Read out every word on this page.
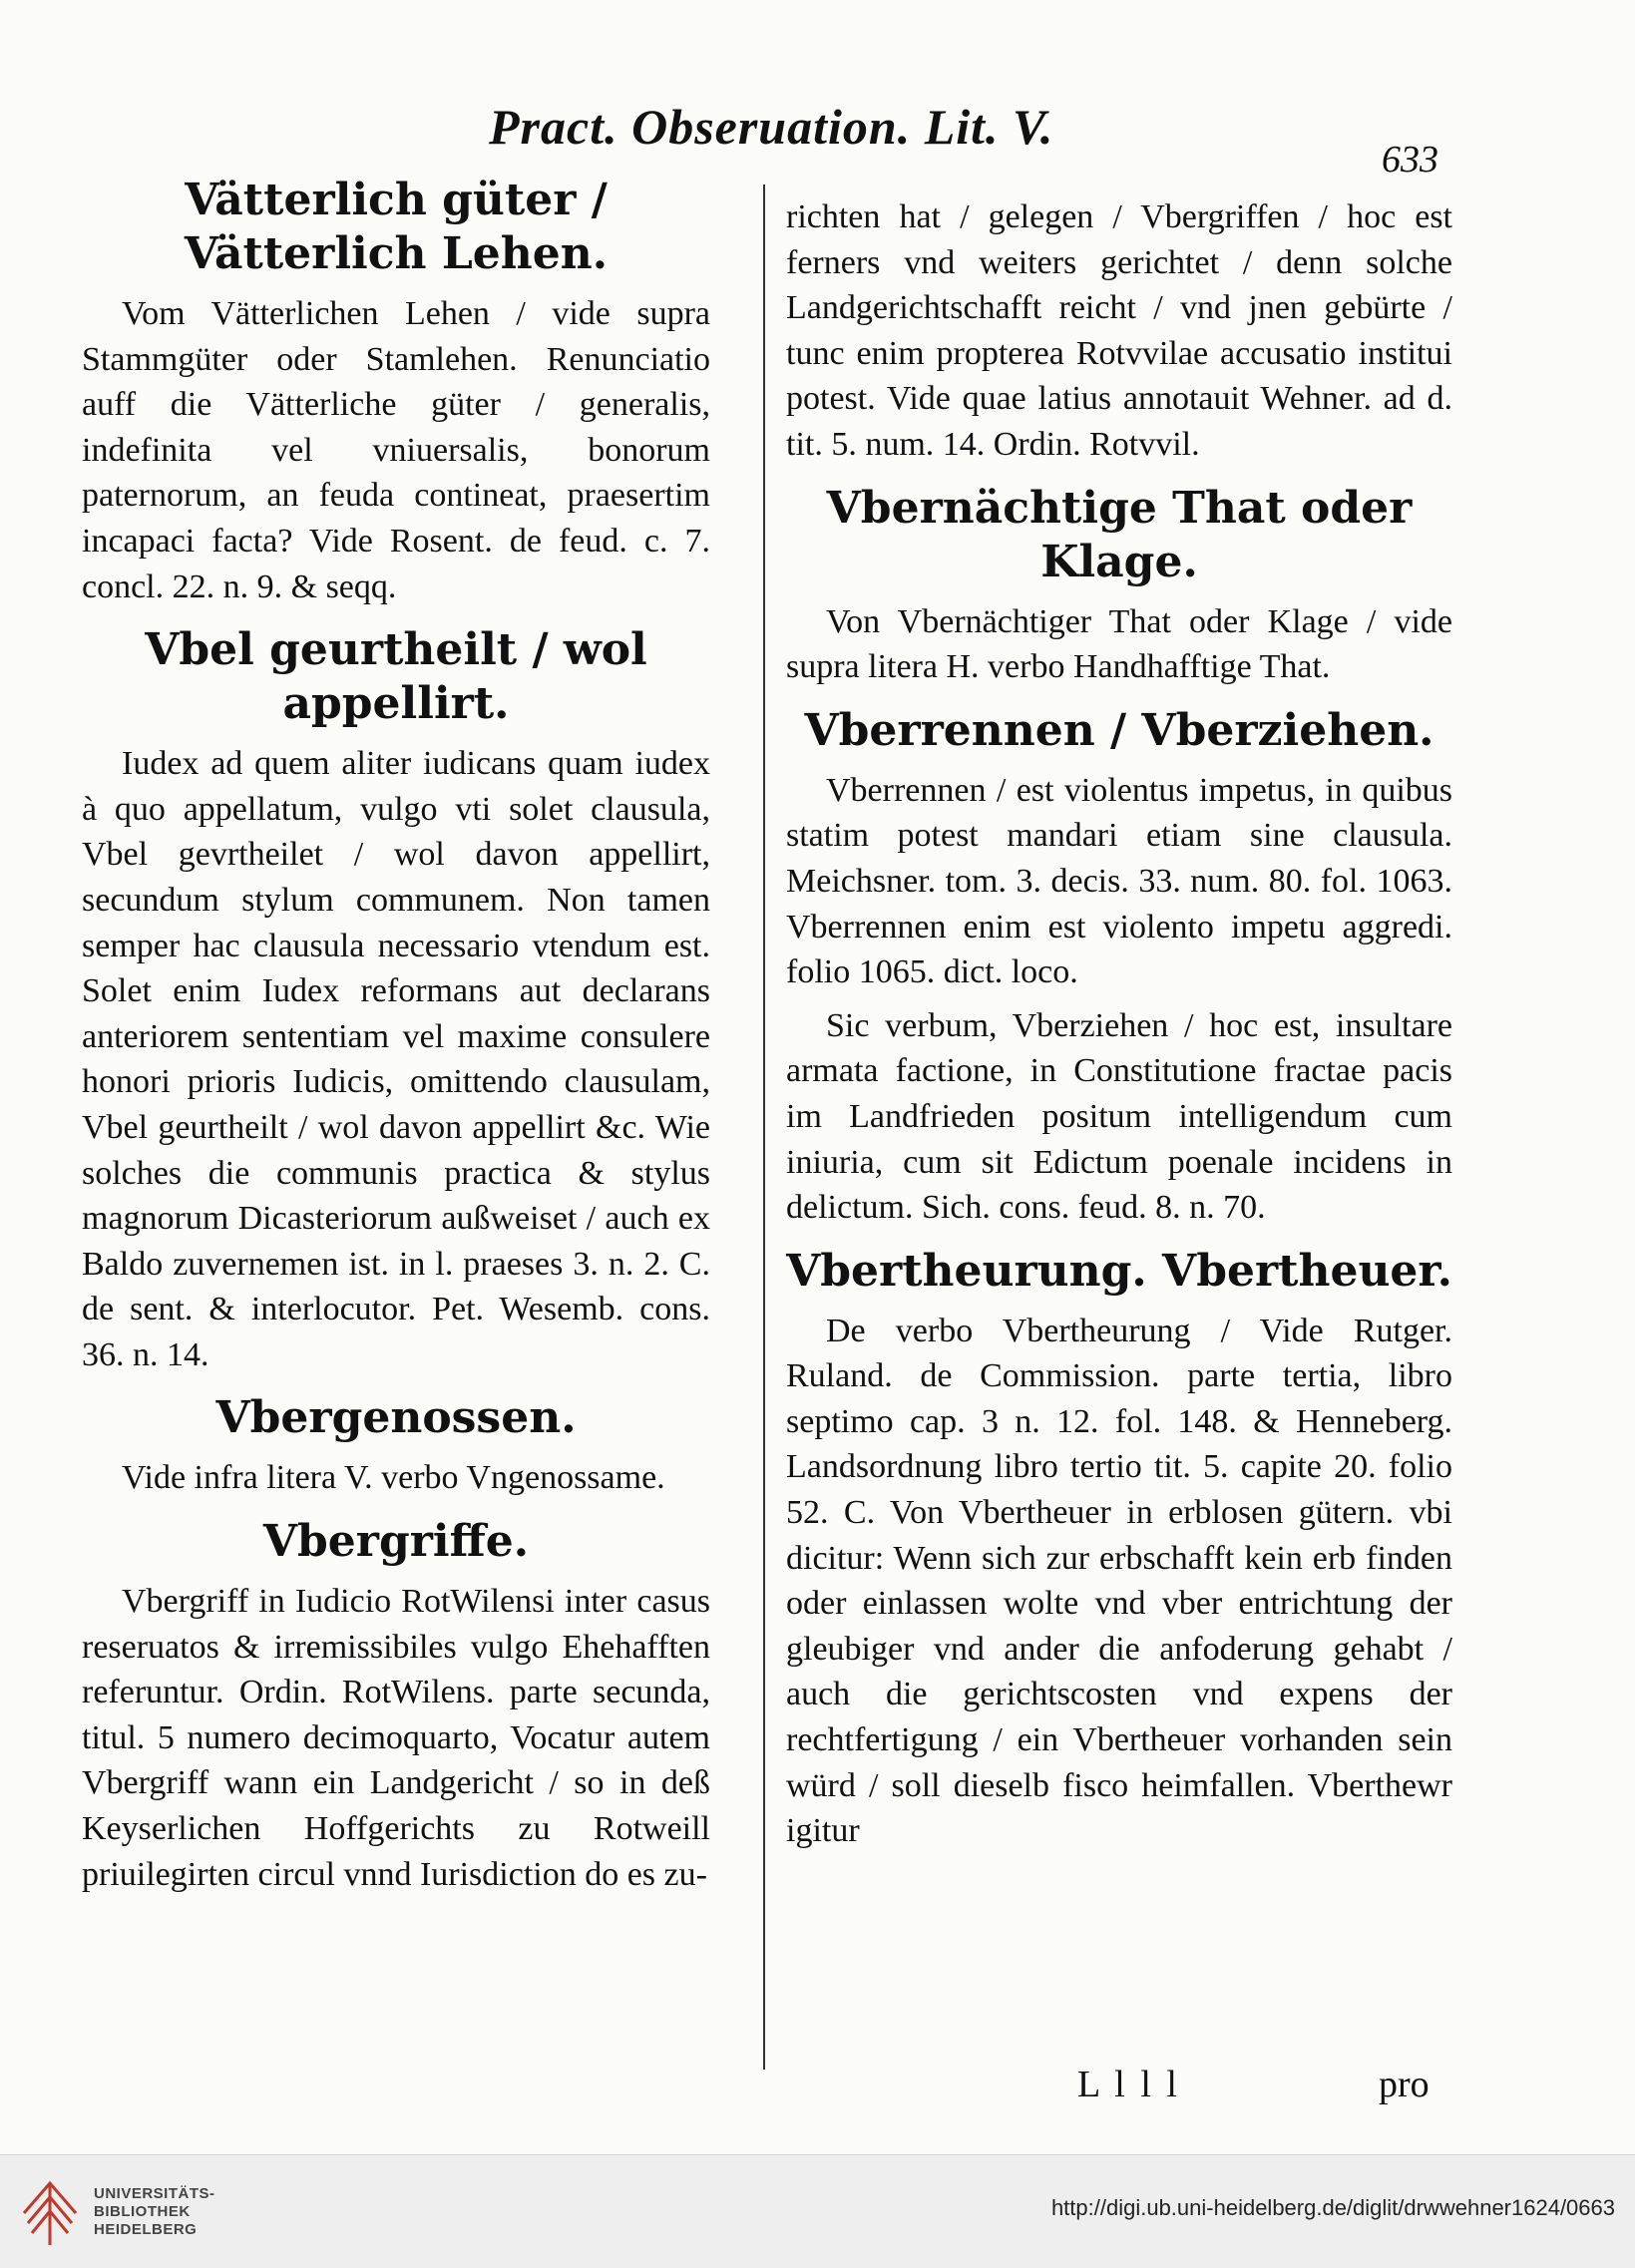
Pract. Obseruation. Lit. V.
633
Vätterlich güter / Vätterlich Lehen.

Vom Vätterlichen Lehen / vide supra Stammgüter oder Stamlehen. Renunciatio auff die Vätterliche güter / generalis, indefinita vel vniuersalis, bonorum paternorum, an feuda contineat, praesertim incapaci facta? Vide Rosent. de feud. c. 7. concl. 22. n. 9. & seqq.

Vbel geurtheilt / wol appellirt.

Iudex ad quem aliter iudicans quam iudex à quo appellatum, vulgo vti solet clausula, Vbel gevrtheilet / wol davon appellirt, secundum stylum communem. Non tamen semper hac clausula necessario vtendum est. Solet enim Iudex reformans aut declarans anteriorem sententiam vel maxime consulere honori prioris Iudicis, omittendo clausulam, Vbel geurtheilt / wol davon appellirt &c. Wie solches die communis practica & stylus magnorum Dicasteriorum außweiset / auch ex Baldo zuvernemen ist. in l. praeses 3. n. 2. C. de sent. & interlocutor. Pet. Wesemb. cons. 36. n. 14.

Vbergenossen.

Vide infra litera V. verbo Vngenossame.

Vbergriffe.

Vbergriff in Iudicio RotWilensi inter casus reseruatos & irremissibiles vulgo Ehehafften referuntur. Ordin. RotWilens. parte secunda, titul. 5 numero decimoquarto, Vocatur autem Vbergriff wann ein Landgericht / so in deß Keyserlichen Hoffgerichts zu Rotweill priuilegirten circul vnnd Iurisdiction do es zu-

richten hat / gelegen / Vbergriffen / hoc est ferners vnd weiters gerichtet / denn solche Landgerichtschafft reicht / vnd jnen gebürte / tunc enim propterea Rotvvilae accusatio institui potest. Vide quae latius annotauit Wehner. ad d. tit. 5. num. 14. Ordin. Rotvvil.

Vbernächtige That oder Klage.

Von Vbernächtiger That oder Klage / vide supra litera H. verbo Handhafftige That.

Vberrennen / Vberziehen.

Vberrennen / est violentus impetus, in quibus statim potest mandari etiam sine clausula. Meichsner. tom. 3. decis. 33. num. 80. fol. 1063. Vberrennen enim est violento impetu aggredi. folio 1065. dict. loco.

Sic verbum, Vberziehen / hoc est, insultare armata factione, in Constitutione fractae pacis im Landfrieden positum intelligendum cum iniuria, cum sit Edictum poenale incidens in delictum. Sich. cons. feud. 8. n. 70.

Vbertheurung. Vbertheuer.

De verbo Vbertheurung / Vide Rutger. Ruland. de Commission. parte tertia, libro septimo cap. 3 n. 12. fol. 148. & Henneberg. Landsordnung libro tertio tit. 5. capite 20. folio 52. C. Von Vbertheuer in erblosen gütern. vbi dicitur: Wenn sich zur erbschafft kein erb finden oder einlassen wolte vnd vber entrichtung der gleubiger vnd ander die anfoderung gehabt / auch die gerichtscosten vnd expens der rechtfertigung / ein Vbertheuer vorhanden sein würd / soll dieselb fisco heimfallen. Vberthewr igitur

L l l l	pro
UNIVERSITÄTS-
BIBLIOTHEK
HEIDELBERG
http://digi.ub.uni-heidelberg.de/diglit/drwwehner1624/0663
